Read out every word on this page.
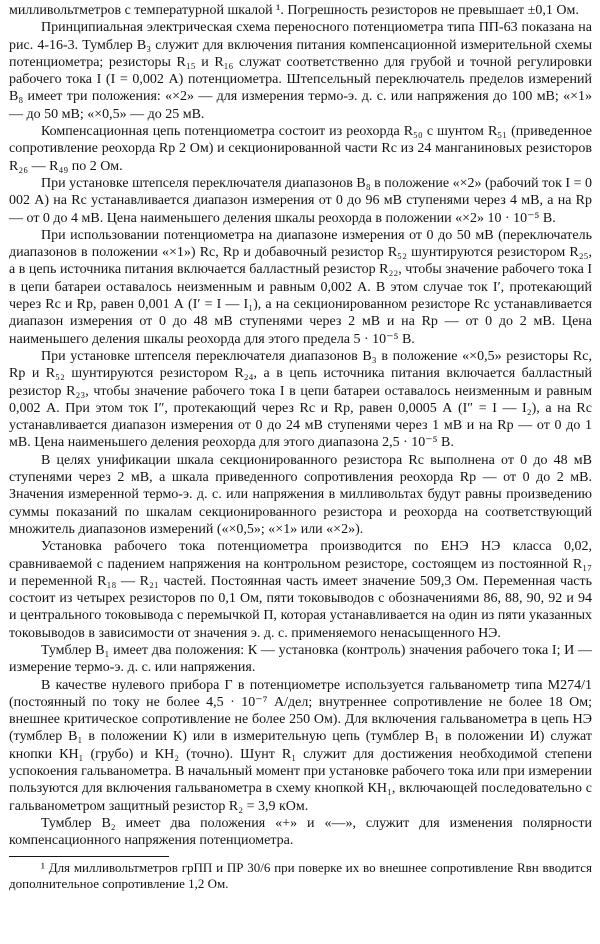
милливольтметров с температурной шкалой ¹. Погрешность резисторов не превышает ±0,1 Ом.

Принципиальная электрическая схема переносного потенциометра типа ПП-63 показана на рис. 4-16-3. Тумблер B₃ служит для включения питания компенсационной измерительной схемы потенциометра; резисторы R₁₅ и R₁₆ служат соответственно для грубой и точной регулировки рабочего тока I (I = 0,002 А) потенциометра. Штепсельный переключатель пределов измерений B₈ имеет три положения: «×2» — для измерения термо-э. д. с. или напряжения до 100 мВ; «×1» — до 50 мВ; «×0,5» — до 25 мВ.

Компенсационная цепь потенциометра состоит из реохорда R₅₀ с шунтом R₅₁ (приведенное сопротивление реохорда Rр 2 Ом) и секционированной части Rс из 24 манганиновых резисторов R₂₆ — R₄₉ по 2 Ом.

При установке штепселя переключателя диапазонов B₈ в положение «×2» (рабочий ток I = 0 002 А) на Rс устанавливается диапазон измерения от 0 до 96 мВ ступенями через 4 мВ, а на Rр — от 0 до 4 мВ. Цена наименьшего деления шкалы реохорда в положении «×2» 10 · 10⁻⁵ В.

При использовании потенциометра на диапазоне измерения от 0 до 50 мВ (переключатель диапазонов в положении «×1») Rс, Rр и добавочный резистор R₅₂ шунтируются резистором R₂₅, а в цепь источника питания включается балластный резистор R₂₂, чтобы значение рабочего тока I в цепи батареи оставалось неизменным и равным 0,002 А. В этом случае ток I′, протекающий через Rс и Rр, равен 0,001 А (I′ = I — I₁), а на секционированном резисторе Rс устанавливается диапазон измерения от 0 до 48 мВ ступенями через 2 мВ и на Rр — от 0 до 2 мВ. Цена наименьшего деления шкалы реохорда для этого предела 5 · 10⁻⁵ В.

При установке штепселя переключателя диапазонов B₃ в положение «×0,5» резисторы Rс, Rр и R₅₂ шунтируются резистором R₂₄, а в цепь источника питания включается балластный резистор R₂₃, чтобы значение рабочего тока I в цепи батареи оставалось неизменным и равным 0,002 А. При этом ток I″, протекающий через Rс и Rр, равен 0,0005 А (I″ = I — I₂), а на Rс устанавливается диапазон измерения от 0 до 24 мВ ступенями через 1 мВ и на Rр — от 0 до 1 мВ. Цена наименьшего деления реохорда для этого диапазона 2,5 · 10⁻⁵ В.

В целях унификации шкала секционированного резистора Rс выполнена от 0 до 48 мВ ступенями через 2 мВ, а шкала приведенного сопротивления реохорда Rр — от 0 до 2 мВ. Значения измеренной термо-э. д. с. или напряжения в милливольтах будут равны произведению суммы показаний по шкалам секционированного резистора и реохорда на соответствующий множитель диапазонов измерений («×0,5»; «×1» или «×2»).

Установка рабочего тока потенциометра производится по EНЭ НЭ класса 0,02, сравниваемой с падением напряжения на контрольном резисторе, состоящем из постоянной R₁₇ и переменной R₁₈ — R₂₁ частей. Постоянная часть имеет значение 509,3 Ом. Переменная часть состоит из четырех резисторов по 0,1 Ом, пяти токовыводов с обозначениями 86, 88, 90, 92 и 94 и центрального токовывода с перемычкой П, которая устанавливается на один из пяти указанных токовыводов в зависимости от значения э. д. с. применяемого ненасыщенного НЭ.

Тумблер B₁ имеет два положения: К — установка (контроль) значения рабочего тока I; И — измерение термо-э. д. с. или напряжения.

В качестве нулевого прибора Г в потенциометре используется гальванометр типа М274/1 (постоянный по току не более 4,5 · 10⁻⁷ А/дел; внутреннее сопротивление не более 18 Ом; внешнее критическое сопротивление не более 250 Ом). Для включения гальванометра в цепь НЭ (тумблер B₁ в положении К) или в измерительную цепь (тумблер B₁ в положении И) служат кнопки КН₁ (грубо) и КН₂ (точно). Шунт R₁ служит для достижения необходимой степени успокоения гальванометра. В начальный момент при установке рабочего тока или при измерении пользуются для включения гальванометра в схему кнопкой КН₁, включающей последовательно с гальванометром защитный резистор R₂ = 3,9 кОм.

Тумблер B₂ имеет два положения «+» и «—», служит для изменения полярности компенсационного напряжения потенциометра.

¹ Для милливольтметров грПП и ПР 30/6 при поверке их во внешнее сопротивление Rвн вводится дополнительное сопротивление 1,2 Ом.
